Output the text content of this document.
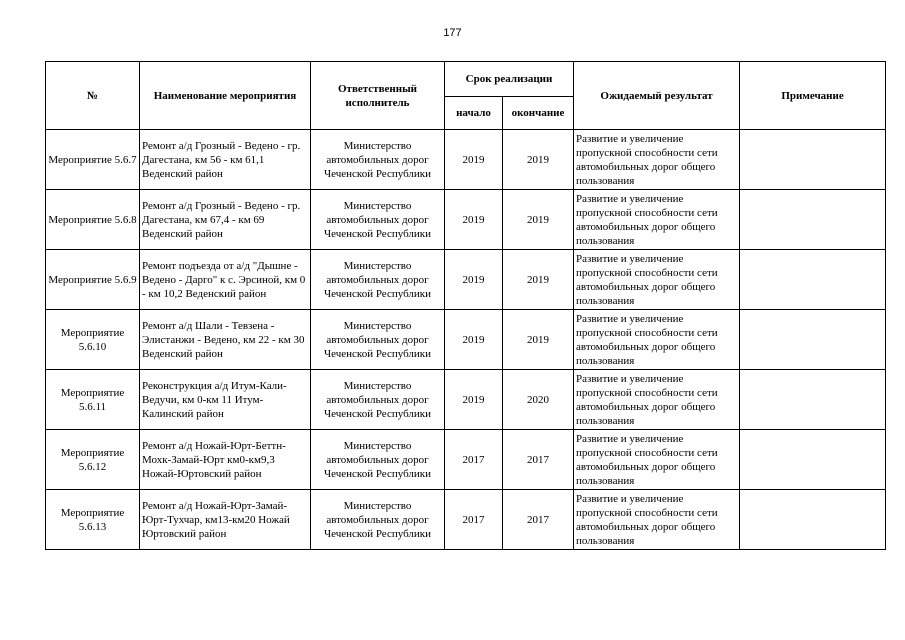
177
№	Наименование мероприятия	Ответственный исполнитель	Срок реализации		Ожидаемый результат	Примечание
			начало	окончание		
Мероприятие 5.6.7	Ремонт а/д Грозный - Ведено - гр. Дагестана, км 56 - км 61,1 Веденский район	Министерство автомобильных дорог Чеченской Республики	2019	2019	Развитие и увеличение пропускной способности сети автомобильных дорог общего пользования	
Мероприятие 5.6.8	Ремонт а/д Грозный - Ведено - гр. Дагестана, км 67,4 - км 69 Веденский район	Министерство автомобильных дорог Чеченской Республики	2019	2019	Развитие и увеличение пропускной способности сети автомобильных дорог общего пользования	
Мероприятие 5.6.9	Ремонт подъезда от а/д "Дышне - Ведено - Дарго" к с. Эрсиной, км 0 - км 10,2 Веденский район	Министерство автомобильных дорог Чеченской Республики	2019	2019	Развитие и увеличение пропускной способности сети автомобильных дорог общего пользования	
Мероприятие 5.6.10	Ремонт а/д Шали - Тевзена - Элистанжи - Ведено, км 22 - км 30 Веденский район	Министерство автомобильных дорог Чеченской Республики	2019	2019	Развитие и увеличение пропускной способности сети автомобильных дорог общего пользования	
Мероприятие 5.6.11	Реконструкция а/д Итум-Кали-Ведучи, км 0-км 11 Итум-Калинский район	Министерство автомобильных дорог Чеченской Республики	2019	2020	Развитие и увеличение пропускной способности сети автомобильных дорог общего пользования	
Мероприятие 5.6.12	Ремонт а/д Ножай-Юрт-Беттн-Мохк-Замай-Юрт км0-км9,3 Ножай-Юртовский район	Министерство автомобильных дорог Чеченской Республики	2017	2017	Развитие и увеличение пропускной способности сети автомобильных дорог общего пользования	
Мероприятие 5.6.13	Ремонт а/д Ножай-Юрт-Замай-Юрт-Тухчар, км13-км20 Ножай Юртовский район	Министерство автомобильных дорог Чеченской Республики	2017	2017	Развитие и увеличение пропускной способности сети автомобильных дорог общего пользования	
